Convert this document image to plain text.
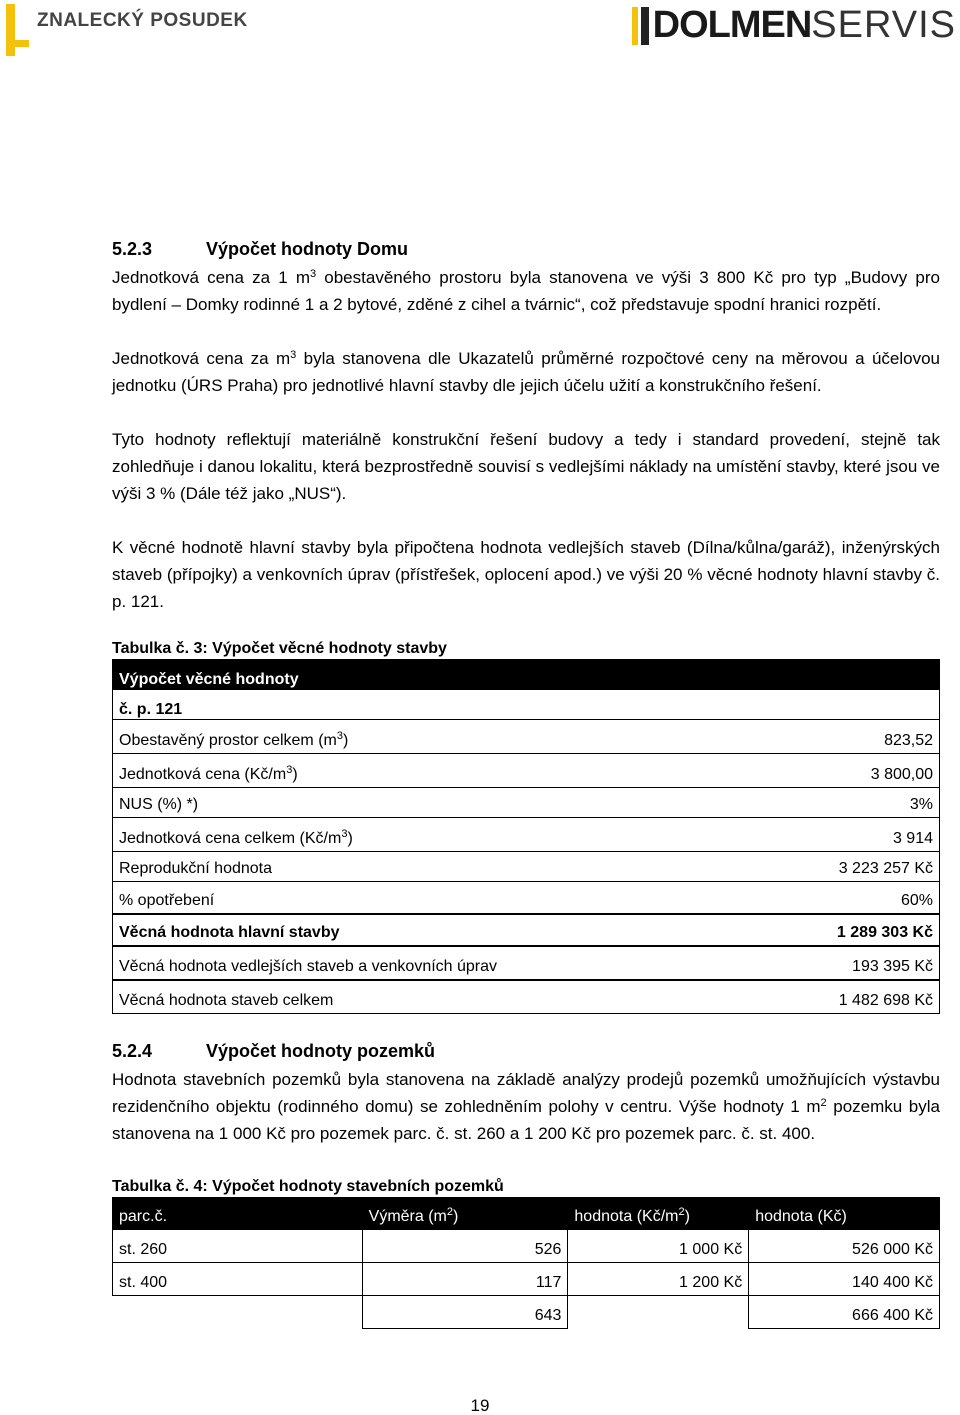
ZNALECKÝ POSUDEK	DOLMEN SERVIS
5.2.3	Výpočet hodnoty Domu

Jednotková cena za 1 $m^3$ obestavěného prostoru byla stanovena ve výši 3 800 Kč pro typ „Budovy pro bydlení – Domky rodinné 1 a 2 bytové, zděné z cihel a tvárnic“, což představuje spodní hranici rozpětí.

Jednotková cena za $m^3$ byla stanovena dle Ukazatelů průměrné rozpočtové ceny na měrovou a účelovou jednotku (ÚRS Praha) pro jednotlivé hlavní stavby dle jejich účelu užití a konstrukčního řešení.

Tyto hodnoty reflektují materiálně konstrukční řešení budovy a tedy i standard provedení, stejně tak zohledňuje i danou lokalitu, která bezprostředně souvisí s vedlejšími náklady na umístění stavby, které jsou ve výši 3 % (Dále též jako „NUS“).

K věcné hodnotě hlavní stavby byla připočtena hodnota vedlejších staveb (Dílna/kůlna/garáž), inženýrských staveb (přípojky) a venkovních úprav (přístřešek, oplocení apod.) ve výši 20 % věcné hodnoty hlavní stavby č. p. 121.

Tabulka č. 3: Výpočet věcné hodnoty stavby
Výpočet věcné hodnoty	
č. p. 121	
Obestavěný prostor celkem $(m^3)$	823,52
Jednotková cena $(Kč/m^3)$	3 800,00
NUS (%) *)	3%
Jednotková cena celkem $(Kč/m^3)$	3 914
Reprodukční hodnota	3 223 257 Kč
% opotřebení	60%
Věcná hodnota hlavní stavby	1 289 303 Kč
Věcná hodnota vedlejších staveb a venkovních úprav	193 395 Kč
Věcná hodnota staveb celkem	1 482 698 Kč
5.2.4	Výpočet hodnoty pozemků

Hodnota stavebních pozemků byla stanovena na základě analýzy prodejů pozemků umožňujících výstavbu rezidenčního objektu (rodinného domu) se zohledněním polohy v centru. Výše hodnoty 1 $m^2$ pozemku byla stanovena na 1 000 Kč pro pozemek parc. č. st. 260 a 1 200 Kč pro pozemek parc. č. st. 400.

Tabulka č. 4: Výpočet hodnoty stavebních pozemků
parc.č.	Výměra $(m^2)$	hodnota $(Kč/m^2)$	hodnota (Kč)
st. 260	526	1 000 Kč	526 000 Kč
st. 400	117	1 200 Kč	140 400 Kč
	643		666 400 Kč
19
